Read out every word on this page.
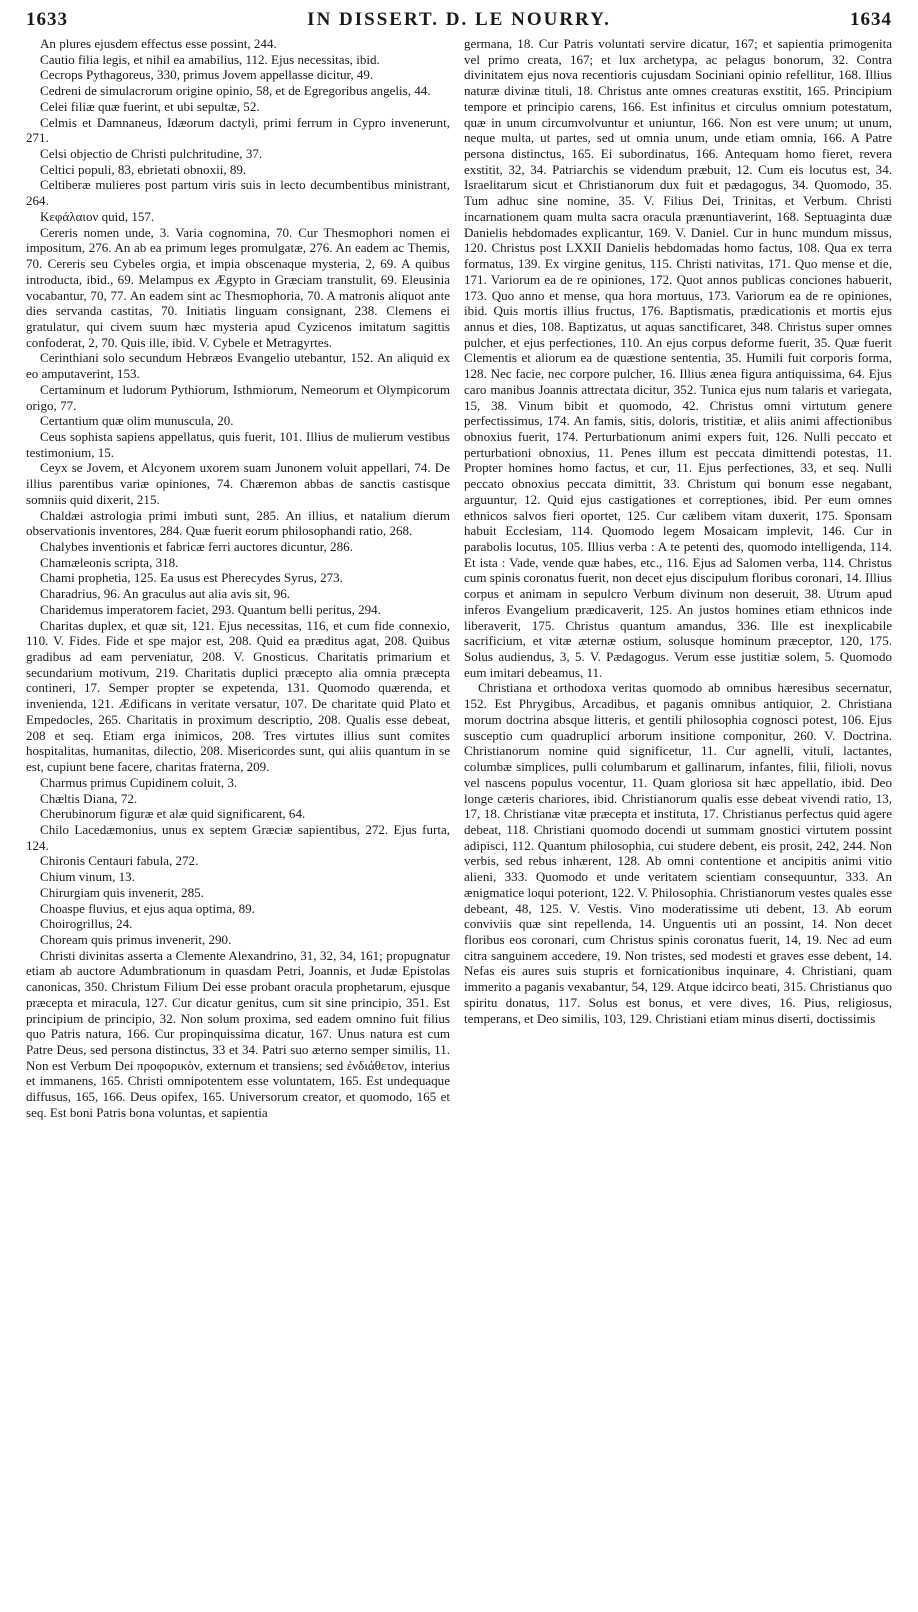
1633	IN DISSERT. D. LE NOURRY.	1634

An plures ejusdem effectus esse possint, 244.

Cautio filia legis, et nihil ea amabilius, 112. Ejus necessitas, ibid.

Cecrops Pythagoreus, 330, primus Jovem appellasse dicitur, 49.

Cedreni de simulacrorum origine opinio, 58, et de Egregoribus angelis, 44.

Celei filiæ quæ fuerint, et ubi sepultæ, 52.

Celmis et Damnaneus, Idæorum dactyli, primi ferrum in Cypro invenerunt, 271.

Celsi objectio de Christi pulchritudine, 37.

Celtici populi, 83, ebrietati obnoxii, 89.

Celtiberæ mulieres post partum viris suis in lecto decumbentibus ministrant, 264.

Κεφάλαιον quid, 157.

Cereris nomen unde, 3. Varia cognomina, 70. Cur Thesmophori nomen ei impositum, 276. An ab ea primum leges promulgatæ, 276. An eadem ac Themis, 70. Cereris seu Cybeles orgia, et impia obscenaque mysteria, 2, 69. A quibus introducta, ibid., 69. Melampus ex Ægypto in Græciam transtulit, 69. Eleusinia vocabantur, 70, 77. An eadem sint ac Thesmophoria, 70. A matronis aliquot ante dies servanda castitas, 70. Initiatis linguam consignant, 238. Clemens ei gratulatur, qui civem suum hæc mysteria apud Cyzicenos imitatum sagittis confoderat, 2, 70. Quis ille, ibid. V. Cybele et Metragyrtes.

Cerinthiani solo secundum Hebræos Evangelio utebantur, 152. An aliquid ex eo amputaverint, 153.

Certaminum et ludorum Pythiorum, Isthmiorum, Nemeorum et Olympicorum origo, 77.

Certantium quæ olim munuscula, 20.

Ceus sophista sapiens appellatus, quis fuerit, 101. Illius de mulierum vestibus testimonium, 15.

Ceyx se Jovem, et Alcyonem uxorem suam Junonem voluit appellari, 74. De illius parentibus variæ opiniones, 74. Chæremon abbas de sanctis castisque somniis quid dixerit, 215.

Chaldæi astrologia primi imbuti sunt, 285. An illius, et natalium dierum observationis inventores, 284. Quæ fuerit eorum philosophandi ratio, 268.

Chalybes inventionis et fabricæ ferri auctores dicuntur, 286.

Chamæleonis scripta, 318.

Chami prophetia, 125. Ea usus est Pherecydes Syrus, 273.

Charadrius, 96. An graculus aut alia avis sit, 96.

Charidemus imperatorem faciet, 293. Quantum belli peritus, 294.

Charitas duplex, et quæ sit, 121. Ejus necessitas, 116, et cum fide connexio, 110. V. Fides. Fide et spe major est, 208. Quid ea præditus agat, 208. Quibus gradibus ad eam perveniatur, 208. V. Gnosticus. Charitatis primarium et secundarium motivum, 219. Charitatis duplici præcepto alia omnia præcepta contineri, 17. Semper propter se expetenda, 131. Quomodo quærenda, et invenienda, 121. Ædificans in veritate versatur, 107. De charitate quid Plato et Empedocles, 265. Charitatis in proximum descriptio, 208. Qualis esse debeat, 208 et seq. Etiam erga inimicos, 208. Tres virtutes illius sunt comites hospitalitas, humanitas, dilectio, 208. Misericordes sunt, qui aliis quantum in se est, cupiunt bene facere, charitas fraterna, 209.

Charmus primus Cupidinem coluit, 3.

Chæltis Diana, 72.

Cherubinorum figuræ et alæ quid significarent, 64.

Chilo Lacedæmonius, unus ex septem Græciæ sapientibus, 272. Ejus furta, 124.

Chironis Centauri fabula, 272.

Chium vinum, 13.

Chirurgiam quis invenerit, 285.

Choaspe fluvius, et ejus aqua optima, 89.

Choirogrillus, 24.

Choream quis primus invenerit, 290.

Christi divinitas asserta a Clemente Alexandrino, 31, 32, 34, 161; propugnatur etiam ab auctore Adumbrationum in quasdam Petri, Joannis, et Judæ Epistolas canonicas, 350. Christum Filium Dei esse probant oracula prophetarum, ejusque præcepta et miracula, 127. Cur dicatur genitus, cum sit sine principio, 351. Est principium de principio, 32. Non solum proxima, sed eadem omnino fuit filius quo Patris natura, 166. Cur propinquissima dicatur, 167. Unus natura est cum Patre Deus, sed persona distinctus, 33 et 34. Patri suo æterno semper similis, 11. Non est Verbum Dei προφορικὸν, externum et transiens; sed ἐνδιάθετον, interius et immanens, 165. Christi omnipotentem esse voluntatem, 165. Est undequaque diffusus, 165, 166. Deus opifex, 165. Universorum creator, et quomodo, 165 et seq. Est boni Patris bona voluntas, et sapientia

germana, 18. Cur Patris voluntati servire dicatur, 167; et sapientia primogenita vel primo creata, 167; et lux archetypa, ac pelagus bonorum, 32. Contra divinitatem ejus nova recentioris cujusdam Sociniani opinio refellitur, 168. Illius naturæ divinæ tituli, 18. Christus ante omnes creaturas exstitit, 165. Principium tempore et principio carens, 166. Est infinitus et circulus omnium potestatum, quæ in unum circumvolvuntur et uniuntur, 166. Non est vere unum; ut unum, neque multa, ut partes, sed ut omnia unum, unde etiam omnia, 166. A Patre persona distinctus, 165. Ei subordinatus, 166. Antequam homo fieret, revera exstitit, 32, 34. Patriarchis se videndum præbuit, 12. Cum eis locutus est, 34. Israelitarum sicut et Christianorum dux fuit et pædagogus, 34. Quomodo, 35. Tum adhuc sine nomine, 35. V. Filius Dei, Trinitas, et Verbum. Christi incarnationem quam multa sacra oracula prænuntiaverint, 168. Septuaginta duæ Danielis hebdomades explicantur, 169. V. Daniel. Cur in hunc mundum missus, 120. Christus post LXXII Danielis hebdomadas homo factus, 108. Qua ex terra formatus, 139. Ex virgine genitus, 115. Christi nativitas, 171. Quo mense et die, 171. Variorum ea de re opiniones, 172. Quot annos publicas conciones habuerit, 173. Quo anno et mense, qua hora mortuus, 173. Variorum ea de re opiniones, ibid. Quis mortis illius fructus, 176. Baptismatis, prædicationis et mortis ejus annus et dies, 108. Baptizatus, ut aquas sanctificaret, 348. Christus super omnes pulcher, et ejus perfectiones, 110. An ejus corpus deforme fuerit, 35. Quæ fuerit Clementis et aliorum ea de quæstione sententia, 35. Humili fuit corporis forma, 128. Nec facie, nec corpore pulcher, 16. Illius ænea figura antiquissima, 64. Ejus caro manibus Joannis attrectata dicitur, 352. Tunica ejus num talaris et variegata, 15, 38. Vinum bibit et quomodo, 42. Christus omni virtutum genere perfectissimus, 174. An famis, sitis, doloris, tristitiæ, et aliis animi affectionibus obnoxius fuerit, 174. Perturbationum animi expers fuit, 126. Nulli peccato et perturbationi obnoxius, 11. Penes illum est peccata dimittendi potestas, 11. Propter homines homo factus, et cur, 11. Ejus perfectiones, 33, et seq. Nulli peccato obnoxius peccata dimittit, 33. Christum qui bonum esse negabant, arguuntur, 12. Quid ejus castigationes et correptiones, ibid. Per eum omnes ethnicos salvos fieri oportet, 125. Cur cælibem vitam duxerit, 175. Sponsam habuit Ecclesiam, 114. Quomodo legem Mosaicam implevit, 146. Cur in parabolis locutus, 105. Illius verba : A te petenti des, quomodo intelligenda, 114. Et ista : Vade, vende quæ habes, etc., 116. Ejus ad Salomen verba, 114. Christus cum spinis coronatus fuerit, non decet ejus discipulum floribus coronari, 14. Illius corpus et animam in sepulcro Verbum divinum non deseruit, 38. Utrum apud inferos Evangelium prædicaverit, 125. An justos homines etiam ethnicos inde liberaverit, 175. Christus quantum amandus, 336. Ille est inexplicabile sacrificium, et vitæ æternæ ostium, solusque hominum præceptor, 120, 175. Solus audiendus, 3, 5. V. Pædagogus. Verum esse justitiæ solem, 5. Quomodo eum imitari debeamus, 11.

Christiana et orthodoxa veritas quomodo ab omnibus hæresibus secernatur, 152. Est Phrygibus, Arcadibus, et paganis omnibus antiquior, 2. Christiana morum doctrina absque litteris, et gentili philosophia cognosci potest, 106. Ejus susceptio cum quadruplici arborum insitione componitur, 260. V. Doctrina. Christianorum nomine quid significetur, 11. Cur agnelli, vituli, lactantes, columbæ simplices, pulli columbarum et gallinarum, infantes, filii, filioli, novus vel nascens populus vocentur, 11. Quam gloriosa sit hæc appellatio, ibid. Deo longe cæteris chariores, ibid. Christianorum qualis esse debeat vivendi ratio, 13, 17, 18. Christianæ vitæ præcepta et instituta, 17. Christianus perfectus quid agere debeat, 118. Christiani quomodo docendi ut summam gnostici virtutem possint adipisci, 112. Quantum philosophia, cui studere debent, eis prosit, 242, 244. Non verbis, sed rebus inhærent, 128. Ab omni contentione et ancipitis animi vitio alieni, 333. Quomodo et unde veritatem scientiam consequuntur, 333. An ænigmatice loqui poteriont, 122. V. Philosophia. Christianorum vestes quales esse debeant, 48, 125. V. Vestis. Vino moderatissime uti debent, 13. Ab eorum conviviis quæ sint repellenda, 14. Unguentis uti an possint, 14. Non decet floribus eos coronari, cum Christus spinis coronatus fuerit, 14, 19. Nec ad eum citra sanguinem accedere, 19. Non tristes, sed modesti et graves esse debent, 14. Nefas eis aures suis stupris et fornicationibus inquinare, 4. Christiani, quam immerito a paganis vexabantur, 54, 129. Atque idcirco beati, 315. Christianus quo spiritu donatus, 117. Solus est bonus, et vere dives, 16. Pius, religiosus, temperans, et Deo similis, 103, 129. Christiani etiam minus diserti, doctissimis
